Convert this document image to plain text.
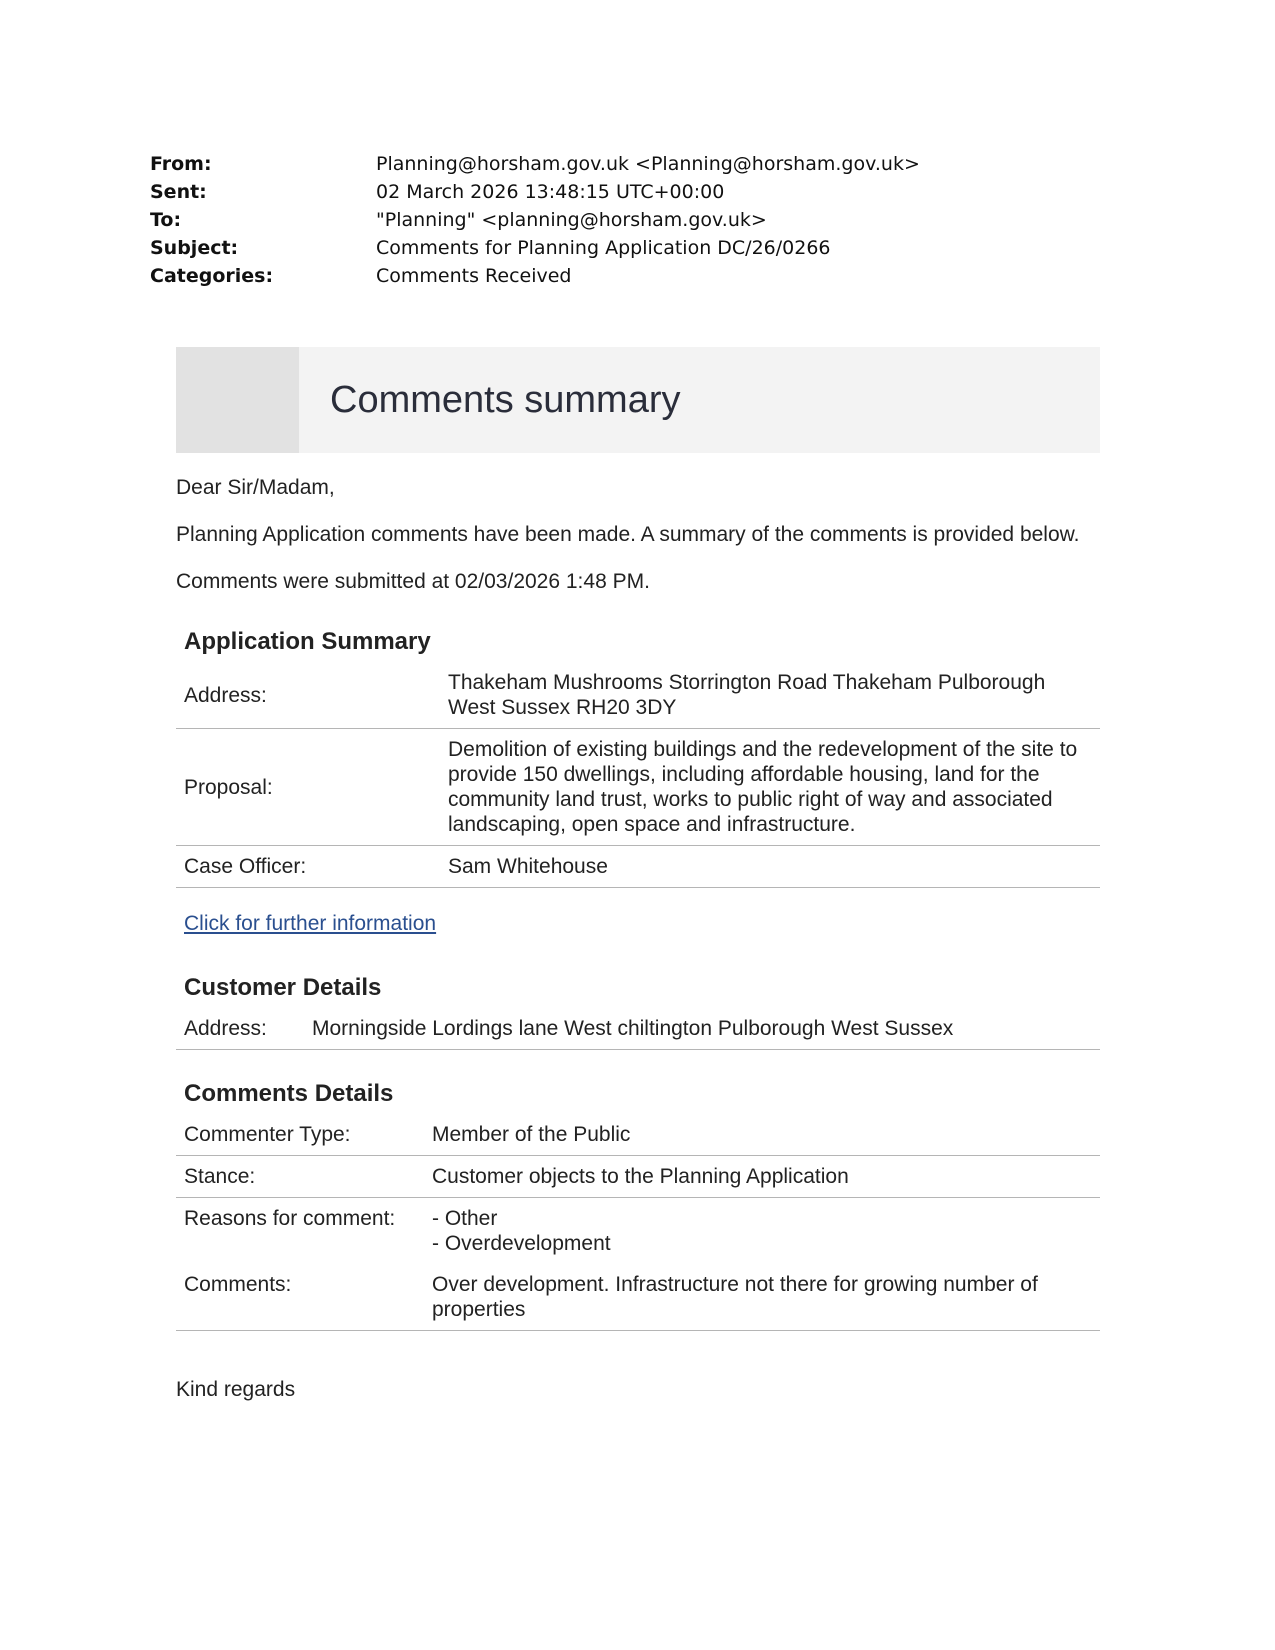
From:	Planning@horsham.gov.uk <Planning@horsham.gov.uk>
Sent:	02 March 2026 13:48:15 UTC+00:00
To:	"Planning" <planning@horsham.gov.uk>
Subject:	Comments for Planning Application DC/26/0266
Categories:	Comments Received
Comments summary

Dear Sir/Madam,

Planning Application comments have been made. A summary of the comments is provided below.

Comments were submitted at 02/03/2026 1:48 PM.

Application Summary
Address:	Thakeham Mushrooms Storrington Road Thakeham Pulborough West Sussex RH20 3DY
Proposal:	Demolition of existing buildings and the redevelopment of the site to provide 150 dwellings, including affordable housing, land for the community land trust, works to public right of way and associated landscaping, open space and infrastructure.
Case Officer:	Sam Whitehouse
Click for further information
Customer Details
Address:	Morningside Lordings lane West chiltington Pulborough West Sussex
Comments Details
Commenter Type:	Member of the Public
Stance:	Customer objects to the Planning Application
Reasons for comment:	- Other
- Overdevelopment

Comments:	Over development. Infrastructure not there for growing number of properties

Kind regards
